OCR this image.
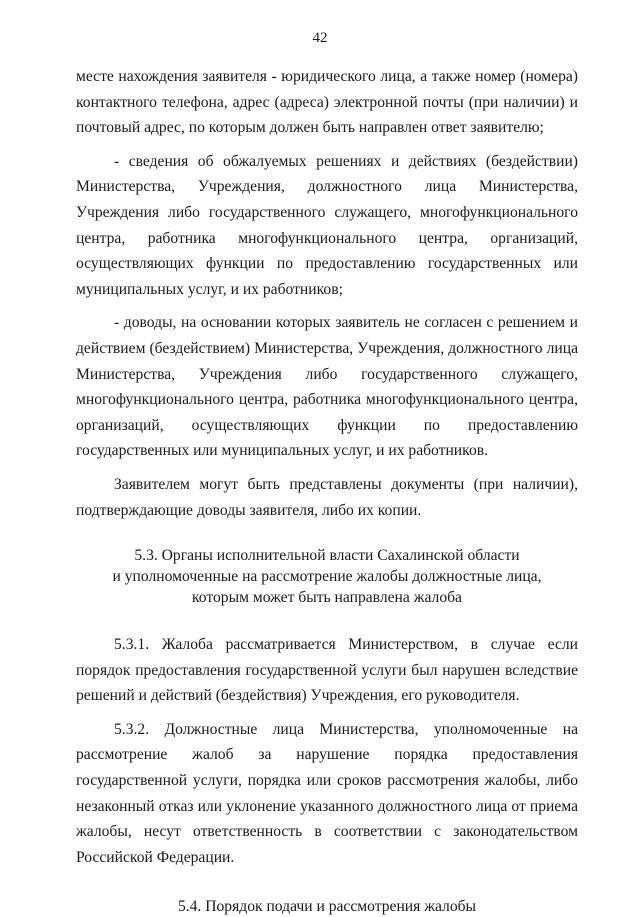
42

месте нахождения заявителя - юридического лица, а также номер (номера) контактного телефона, адрес (адреса) электронной почты (при наличии) и почтовый адрес, по которым должен быть направлен ответ заявителю;

- сведения об обжалуемых решениях и действиях (бездействии) Министерства, Учреждения, должностного лица Министерства, Учреждения либо государственного служащего, многофункционального центра, работника многофункционального центра, организаций, осуществляющих функции по предоставлению государственных или муниципальных услуг, и их работников;

- доводы, на основании которых заявитель не согласен с решением и действием (бездействием) Министерства, Учреждения, должностного лица Министерства, Учреждения либо государственного служащего, многофункционального центра, работника многофункционального центра, организаций, осуществляющих функции по предоставлению государственных или муниципальных услуг, и их работников.

Заявителем могут быть представлены документы (при наличии), подтверждающие доводы заявителя, либо их копии.

5.3. Органы исполнительной власти Сахалинской области
и уполномоченные на рассмотрение жалобы должностные лица,
которым может быть направлена жалоба

5.3.1. Жалоба рассматривается Министерством, в случае если порядок предоставления государственной услуги был нарушен вследствие решений и действий (бездействия) Учреждения, его руководителя.

5.3.2. Должностные лица Министерства, уполномоченные на рассмотрение жалоб за нарушение порядка предоставления государственной услуги, порядка или сроков рассмотрения жалобы, либо незаконный отказ или уклонение указанного должностного лица от приема жалобы, несут ответственность в соответствии с законодательством Российской Федерации.

5.4. Порядок подачи и рассмотрения жалобы
